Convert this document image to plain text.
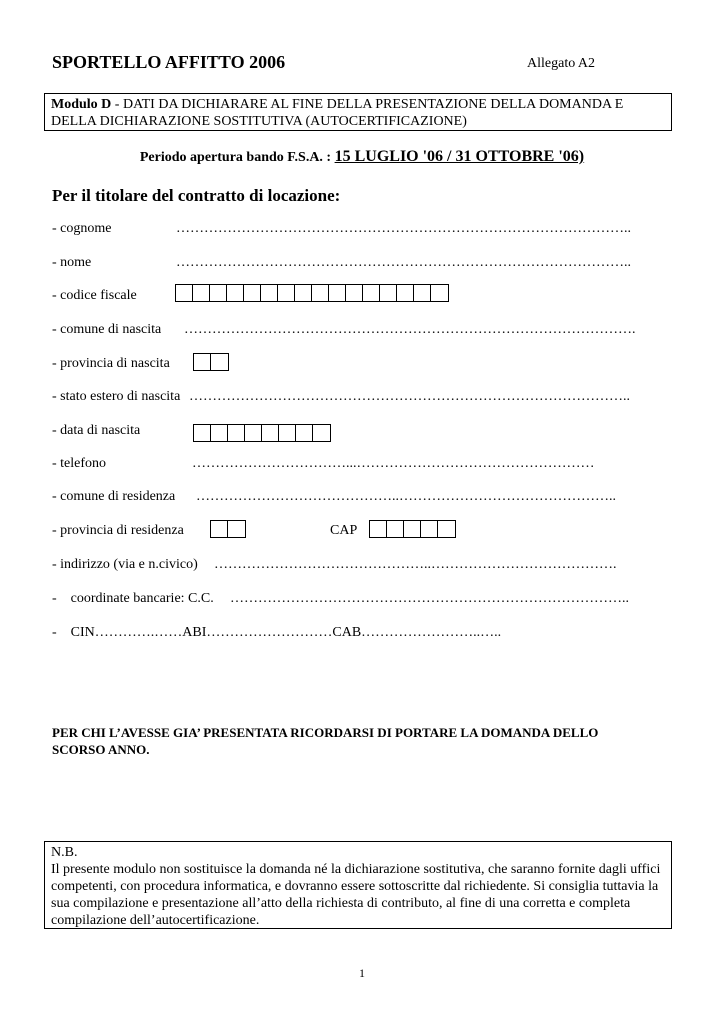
SPORTELLO AFFITTO 2006	Allegato A2
Modulo D - DATI DA DICHIARARE AL FINE DELLA PRESENTAZIONE DELLA DOMANDA E
DELLA DICHIARAZIONE SOSTITUTIVA (AUTOCERTIFICAZIONE)
Periodo apertura bando F.S.A. : 15 LUGLIO '06 / 31 OTTOBRE '06)
Per il titolare del contratto di locazione:
- cognome	……………………………………………………………………………………..
- nome	……………………………………………………………………………………..
- codice fiscale
- comune di nascita …………………………………………………………………………………….
- provincia di nascita
- stato estero di nascita …………………………………………………………………………………..
- data di nascita
- telefono	……………………………...……………………………………………
- comune di residenza ……………………………………..………………………………………..
- provincia di residenza	CAP
- indirizzo (via e n.civico) ………………………………………..………………………………….
-    coordinate bancarie: C.C. …………………………………………………………………………..
-    CIN………….……ABI………………………CAB……………………..…..
PER CHI L’AVESSE GIA’ PRESENTATA RICORDARSI DI PORTARE LA DOMANDA DELLO SCORSO ANNO.
N.B.
Il presente modulo non sostituisce la domanda né la dichiarazione sostitutiva, che saranno fornite dagli uffici competenti, con procedura informatica, e dovranno essere sottoscritte dal richiedente. Si consiglia tuttavia la sua compilazione e presentazione all’atto della richiesta di contributo, al fine di una corretta e completa compilazione dell’autocertificazione.
1
